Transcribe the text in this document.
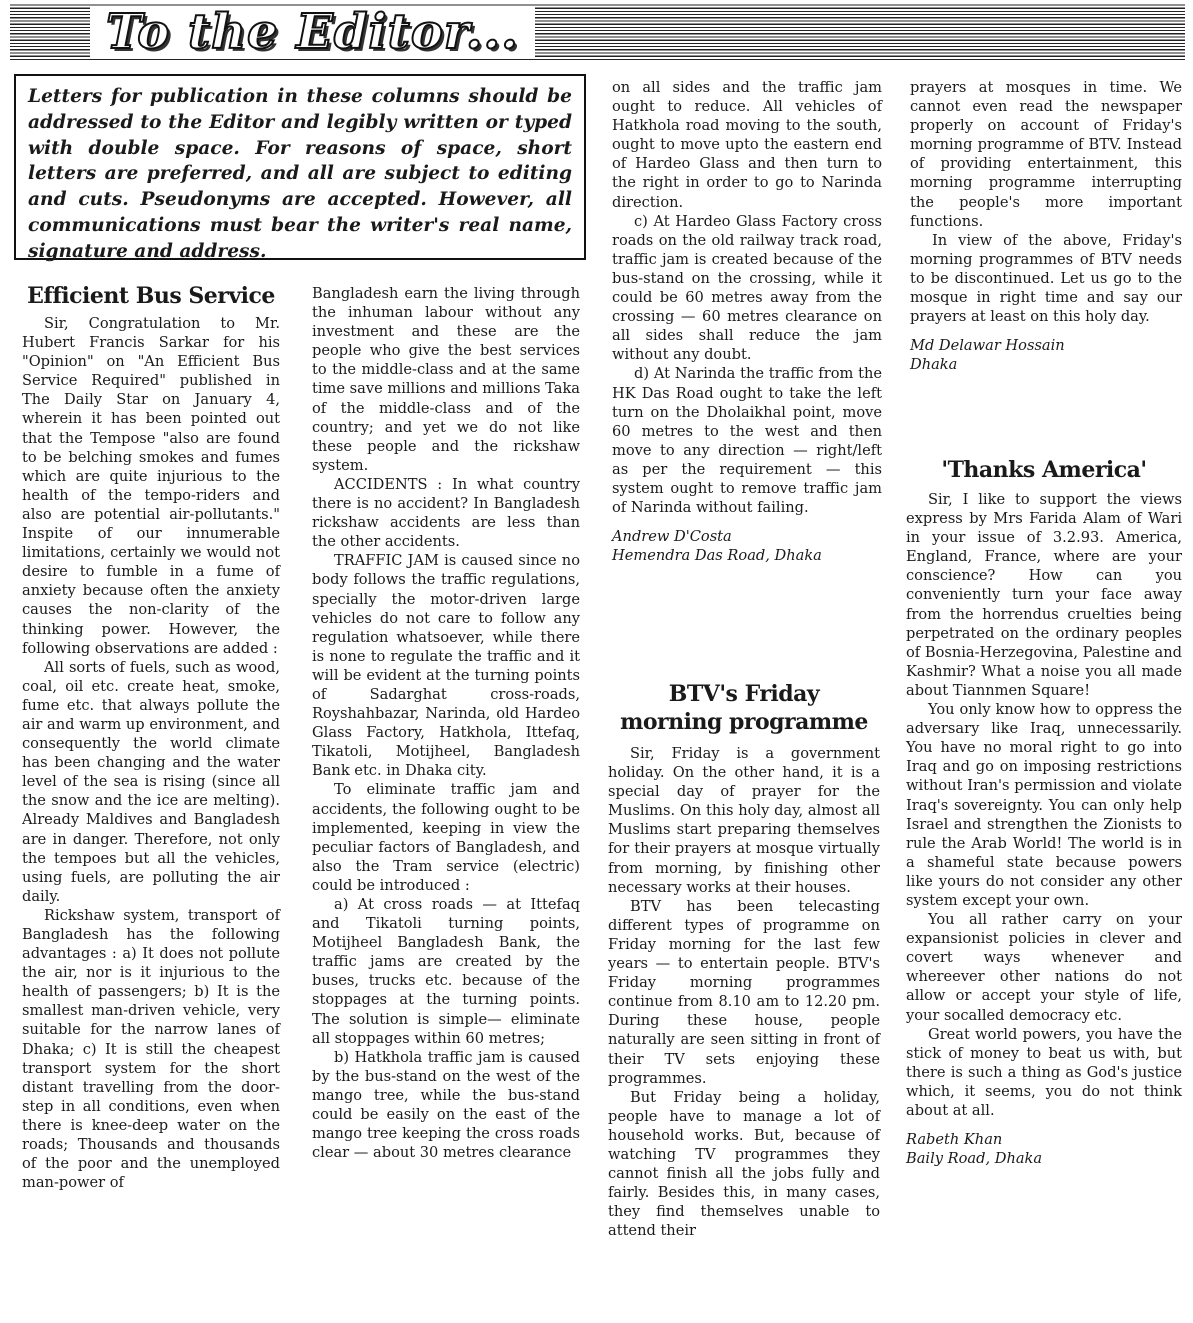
To the Editor...
Letters for publication in these columns should be addressed to the Editor and legibly written or typed with double space. For reasons of space, short letters are preferred, and all are subject to editing and cuts. Pseudonyms are accepted. However, all communications must bear the writer's real name, signature and address.
Efficient Bus Service

Sir, Congratulation to Mr. Hubert Francis Sarkar for his "Opinion" on "An Efficient Bus Service Required" published in The Daily Star on January 4, wherein it has been pointed out that the Tempose "also are found to be belching smokes and fumes which are quite injurious to the health of the tempo-riders and also are potential air-pollutants." Inspite of our innumerable limitations, certainly we would not desire to fumble in a fume of anxiety because often the anxiety causes the non-clarity of the thinking power. However, the following observations are added :

All sorts of fuels, such as wood, coal, oil etc. create heat, smoke, fume etc. that always pollute the air and warm up environment, and consequently the world climate has been changing and the water level of the sea is rising (since all the snow and the ice are melting). Already Maldives and Bangladesh are in danger. Therefore, not only the tempoes but all the vehicles, using fuels, are polluting the air daily.

Rickshaw system, transport of Bangladesh has the following advantages : a) It does not pollute the air, nor is it injurious to the health of passengers; b) It is the smallest man-driven vehicle, very suitable for the narrow lanes of Dhaka; c) It is still the cheapest transport system for the short distant travelling from the door-step in all conditions, even when there is knee-deep water on the roads; Thousands and thousands of the poor and the unemployed man-power of

Bangladesh earn the living through the inhuman labour without any investment and these are the people who give the best services to the middle-class and at the same time save millions and millions Taka of the middle-class and of the country; and yet we do not like these people and the rickshaw system.

ACCIDENTS : In what country there is no accident? In Bangladesh rickshaw accidents are less than the other accidents.

TRAFFIC JAM is caused since no body follows the traffic regulations, specially the motor-driven large vehicles do not care to follow any regulation whatsoever, while there is none to regulate the traffic and it will be evident at the turning points of Sadarghat cross-roads, Royshahbazar, Narinda, old Hardeo Glass Factory, Hatkhola, Ittefaq, Tikatoli, Motijheel, Bangladesh Bank etc. in Dhaka city.

To eliminate traffic jam and accidents, the following ought to be implemented, keeping in view the peculiar factors of Bangladesh, and also the Tram service (electric) could be introduced :

a) At cross roads — at Ittefaq and Tikatoli turning points, Motijheel Bangladesh Bank, the traffic jams are created by the buses, trucks etc. because of the stoppages at the turning points. The solution is simple— eliminate all stoppages within 60 metres;

b) Hatkhola traffic jam is caused by the bus-stand on the west of the mango tree, while the bus-stand could be easily on the east of the mango tree keeping the cross roads clear — about 30 metres clearance

on all sides and the traffic jam ought to reduce. All vehicles of Hatkhola road moving to the south, ought to move upto the eastern end of Hardeo Glass and then turn to the right in order to go to Narinda direction.

c) At Hardeo Glass Factory cross roads on the old railway track road, traffic jam is created because of the bus-stand on the crossing, while it could be 60 metres away from the crossing — 60 metres clearance on all sides shall reduce the jam without any doubt.

d) At Narinda the traffic from the HK Das Road ought to take the left turn on the Dholaikhal point, move 60 metres to the west and then move to any direction — right/left as per the requirement — this system ought to remove traffic jam of Narinda without failing.

Andrew D'Costa

Hemendra Das Road, Dhaka

BTV's Friday
morning programme

Sir, Friday is a government holiday. On the other hand, it is a special day of prayer for the Muslims. On this holy day, almost all Muslims start preparing themselves for their prayers at mosque virtually from morning, by finishing other necessary works at their houses.

BTV has been telecasting different types of programme on Friday morning for the last few years — to entertain people. BTV's Friday morning programmes continue from 8.10 am to 12.20 pm. During these house, people naturally are seen sitting in front of their TV sets enjoying these programmes.

But Friday being a holiday, people have to manage a lot of household works. But, because of watching TV programmes they cannot finish all the jobs fully and fairly. Besides this, in many cases, they find themselves unable to attend their

prayers at mosques in time. We cannot even read the newspaper properly on account of Friday's morning programme of BTV. Instead of providing entertainment, this morning programme interrupting the people's more important functions.

In view of the above, Friday's morning programmes of BTV needs to be discontinued. Let us go to the mosque in right time and say our prayers at least on this holy day.

Md Delawar Hossain

Dhaka

'Thanks America'

Sir, I like to support the views express by Mrs Farida Alam of Wari in your issue of 3.2.93. America, England, France, where are your conscience? How can you conveniently turn your face away from the horrendus cruelties being perpetrated on the ordinary peoples of Bosnia-Herzegovina, Palestine and Kashmir? What a noise you all made about Tiannmen Square!

You only know how to oppress the adversary like Iraq, unnecessarily. You have no moral right to go into Iraq and go on imposing restrictions without Iran's permission and violate Iraq's sovereignty. You can only help Israel and strengthen the Zionists to rule the Arab World! The world is in a shameful state because powers like yours do not consider any other system except your own.

You all rather carry on your expansionist policies in clever and covert ways whenever and whereever other nations do not allow or accept your style of life, your socalled democracy etc.

Great world powers, you have the stick of money to beat us with, but there is such a thing as God's justice which, it seems, you do not think about at all.

Rabeth Khan

Baily Road, Dhaka
